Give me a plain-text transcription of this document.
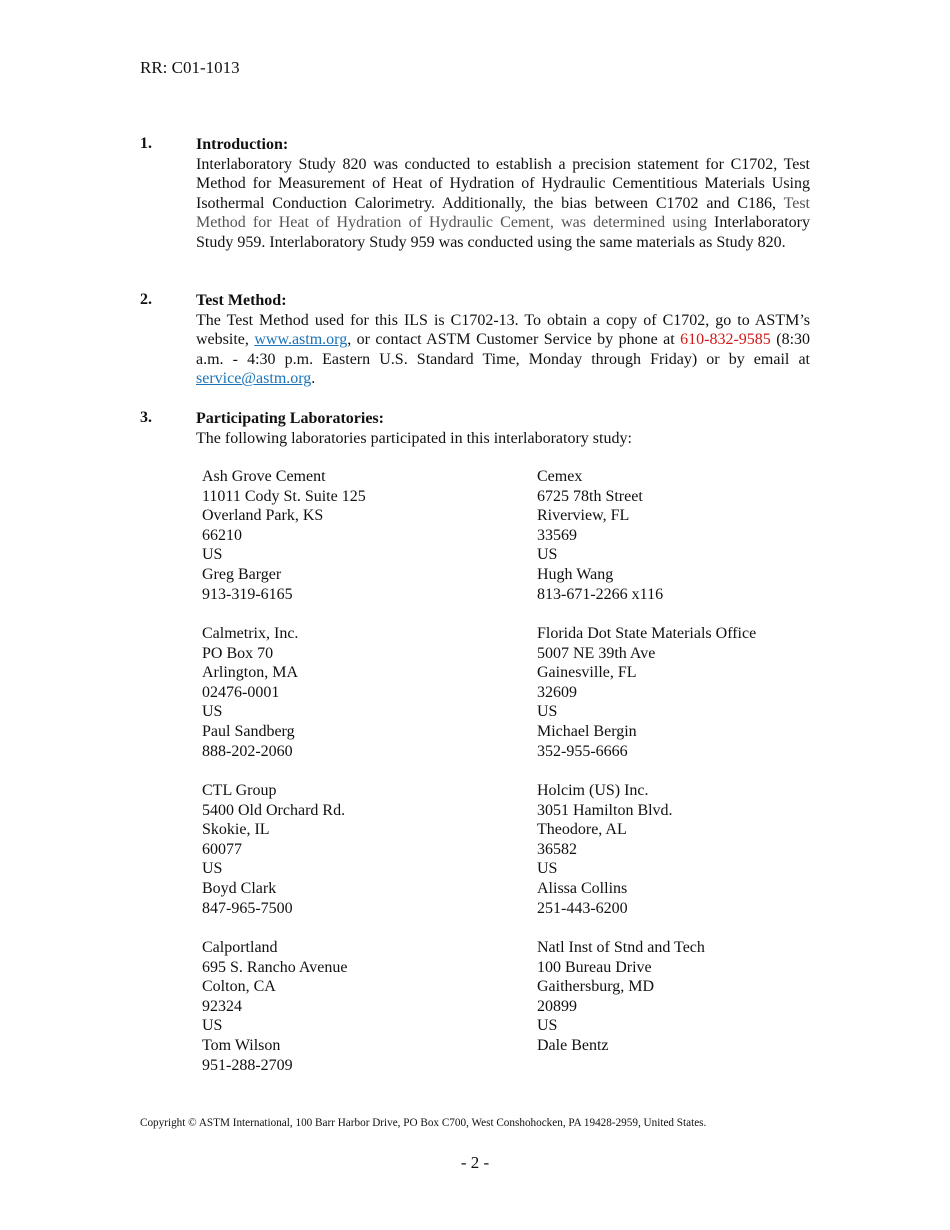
RR: C01-1013
1.	Introduction:
Interlaboratory Study 820 was conducted to establish a precision statement for C1702, Test Method for Measurement of Heat of Hydration of Hydraulic Cementitious Materials Using Isothermal Conduction Calorimetry. Additionally, the bias between C1702 and C186, Test Method for Heat of Hydration of Hydraulic Cement, was determined using Interlaboratory Study 959. Interlaboratory Study 959 was conducted using the same materials as Study 820.
2.	Test Method:
The Test Method used for this ILS is C1702-13. To obtain a copy of C1702, go to ASTM’s website, www.astm.org, or contact ASTM Customer Service by phone at 610-832-9585 (8:30 a.m. - 4:30 p.m. Eastern U.S. Standard Time, Monday through Friday) or by email at service@astm.org.
3.	Participating Laboratories:
The following laboratories participated in this interlaboratory study:
Ash Grove Cement
11011 Cody St. Suite 125
Overland Park, KS
66210
US
Greg Barger
913-319-6165
Cemex
6725 78th Street
Riverview, FL
33569
US
Hugh Wang
813-671-2266 x116
Calmetrix, Inc.
PO Box 70
Arlington, MA
02476-0001
US
Paul Sandberg
888-202-2060
Florida Dot State Materials Office
5007 NE 39th Ave
Gainesville, FL
32609
US
Michael Bergin
352-955-6666
CTL Group
5400 Old Orchard Rd.
Skokie, IL
60077
US
Boyd Clark
847-965-7500
Holcim (US) Inc.
3051 Hamilton Blvd.
Theodore, AL
36582
US
Alissa Collins
251-443-6200
Calportland
695 S. Rancho Avenue
Colton, CA
92324
US
Tom Wilson
951-288-2709
Natl Inst of Stnd and Tech
100 Bureau Drive
Gaithersburg, MD
20899
US
Dale Bentz
Copyright © ASTM International, 100 Barr Harbor Drive, PO Box C700, West Conshohocken, PA 19428-2959, United States.
- 2 -
